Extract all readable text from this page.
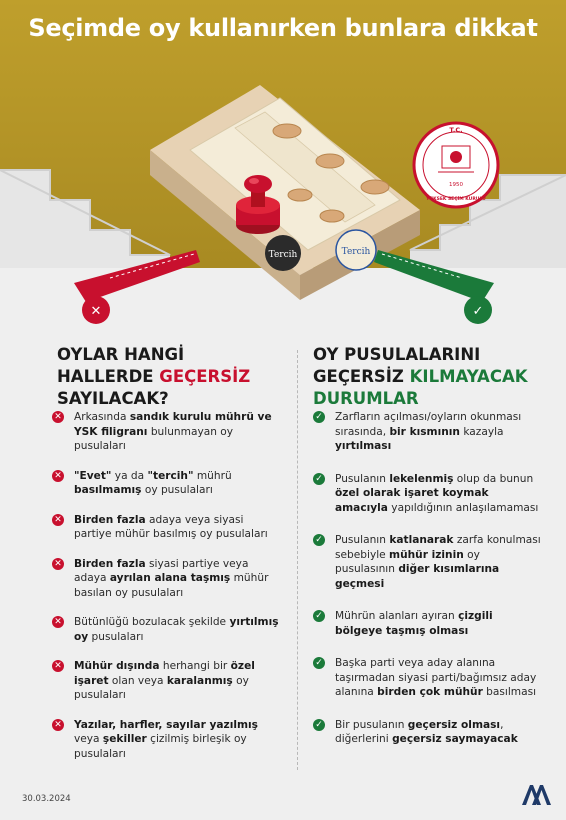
Tercih	Tercih
T.C.
1950
YÜKSEK SEÇİM KURULU
✕	✓
Seçimde oy kullanırken bunlara dikkat
OYLAR HANGİ
HALLERDE GEÇERSİZ
SAYILACAK?
OY PUSULALARINI
GEÇERSİZ KILMAYACAK
DURUMLAR
✕ Arkasında sandık kurulu mührü ve YSK filigranı bulunmayan oy pusulaları
✕ "Evet" ya da "tercih" mührü basılmamış oy pusulaları
✕ Birden fazla adaya veya siyasi partiye mühür basılmış oy pusulaları
✕ Birden fazla siyasi partiye veya adaya ayrılan alana taşmış mühür basılan oy pusulaları
✕ Bütünlüğü bozulacak şekilde yırtılmış oy pusulaları
✕ Mühür dışında herhangi bir özel işaret olan veya karalanmış oy pusulaları
✕ Yazılar, harfler, sayılar yazılmış veya şekiller çizilmiş birleşik oy pusulaları
✓ Zarfların açılması/oyların okunması sırasında, bir kısmının kazayla yırtılması
✓ Pusulanın lekelenmiş olup da bunun özel olarak işaret koymak amacıyla yapıldığının anlaşılamaması
✓ Pusulanın katlanarak zarfa konulması sebebiyle mühür izinin oy pusulasının diğer kısımlarına geçmesi
✓ Mührün alanları ayıran çizgili bölgeye taşmış olması
✓ Başka parti veya aday alanına taşırmadan siyasi parti/bağımsız aday alanına birden çok mühür basılması
✓ Bir pusulanın geçersiz olması, diğerlerini geçersiz saymayacak
30.03.2024
AA
